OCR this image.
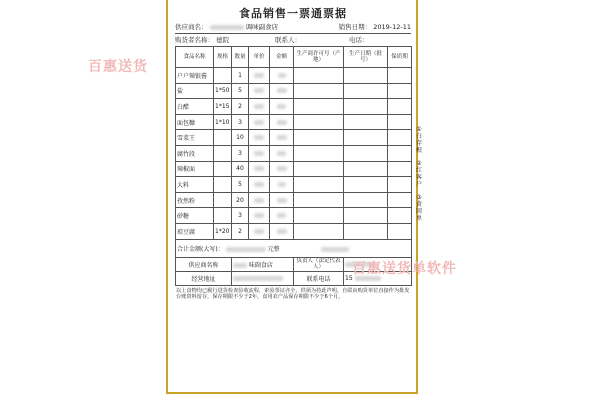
食品销售一票通票据
供应商名：	调味副食店	销售日期： 2019-12-11
购货者名称： 德院	联系人：	电话：
食品名称	规格	数量	单价	金额	生产商许可号（产地）	生产日期（批号）	保质期
户户辣银酱		1					
盐	1*50	5					
白醋	1*15	2					
面包糠	1*10	3					
雪菜王		10					
腐竹段		3					
辣椒面		40					
大料		5					
孜然粉		20					
砂糖		3					
琼豆腐	1*20	2					
合计金额(大写)： 元整							
供应商名称		味副食店			负责人（法定代表人）		
经营地址					联系电话	15	
以上食物均已履行进货检查验收流程，索验票证齐全，供须为持此声明。自联由购货单位直接作为批发台账资料留存，保存期限不少于2年，食用农产品保存期限不少于6个月。
①白存根
②红客户
③黄回单
百惠送货
百惠送货单软件
